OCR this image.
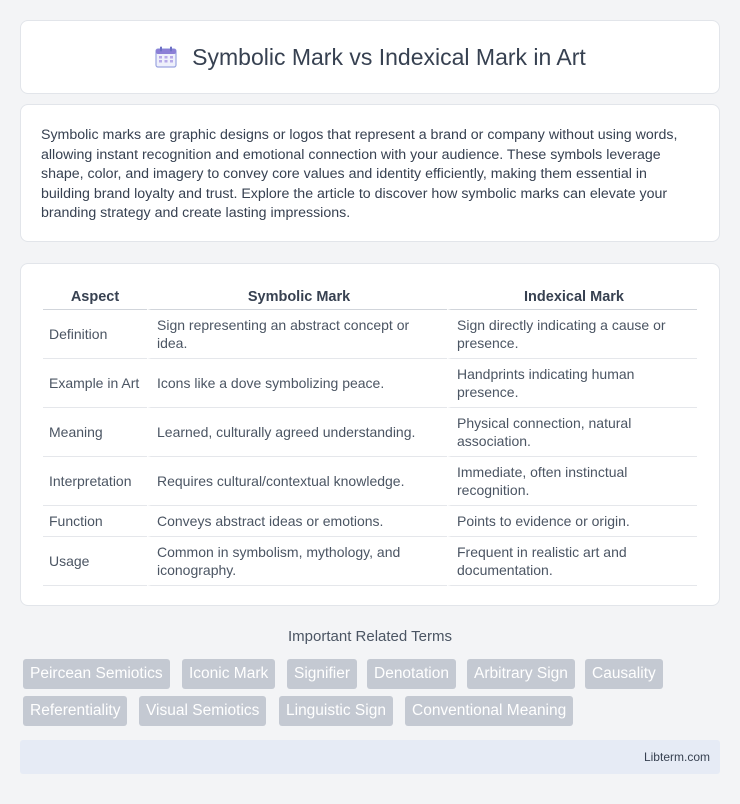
Symbolic Mark vs Indexical Mark in Art

Symbolic marks are graphic designs or logos that represent a brand or company without using words, allowing instant recognition and emotional connection with your audience. These symbols leverage shape, color, and imagery to convey core values and identity efficiently, making them essential in building brand loyalty and trust. Explore the article to discover how symbolic marks can elevate your branding strategy and create lasting impressions.

Aspect	Symbolic Mark	Indexical Mark
Definition	Sign representing an abstract concept or idea.	Sign directly indicating a cause or presence.
Example in Art	Icons like a dove symbolizing peace.	Handprints indicating human presence.
Meaning	Learned, culturally agreed understanding.	Physical connection, natural association.
Interpretation	Requires cultural/contextual knowledge.	Immediate, often instinctual recognition.
Function	Conveys abstract ideas or emotions.	Points to evidence or origin.
Usage	Common in symbolism, mythology, and iconography.	Frequent in realistic art and documentation.
Important Related Terms
Peircean Semiotics	Iconic Mark	Signifier	Denotation	Arbitrary Sign	Causality
Referentiality	Visual Semiotics	Linguistic Sign	Conventional Meaning
Libterm.com
